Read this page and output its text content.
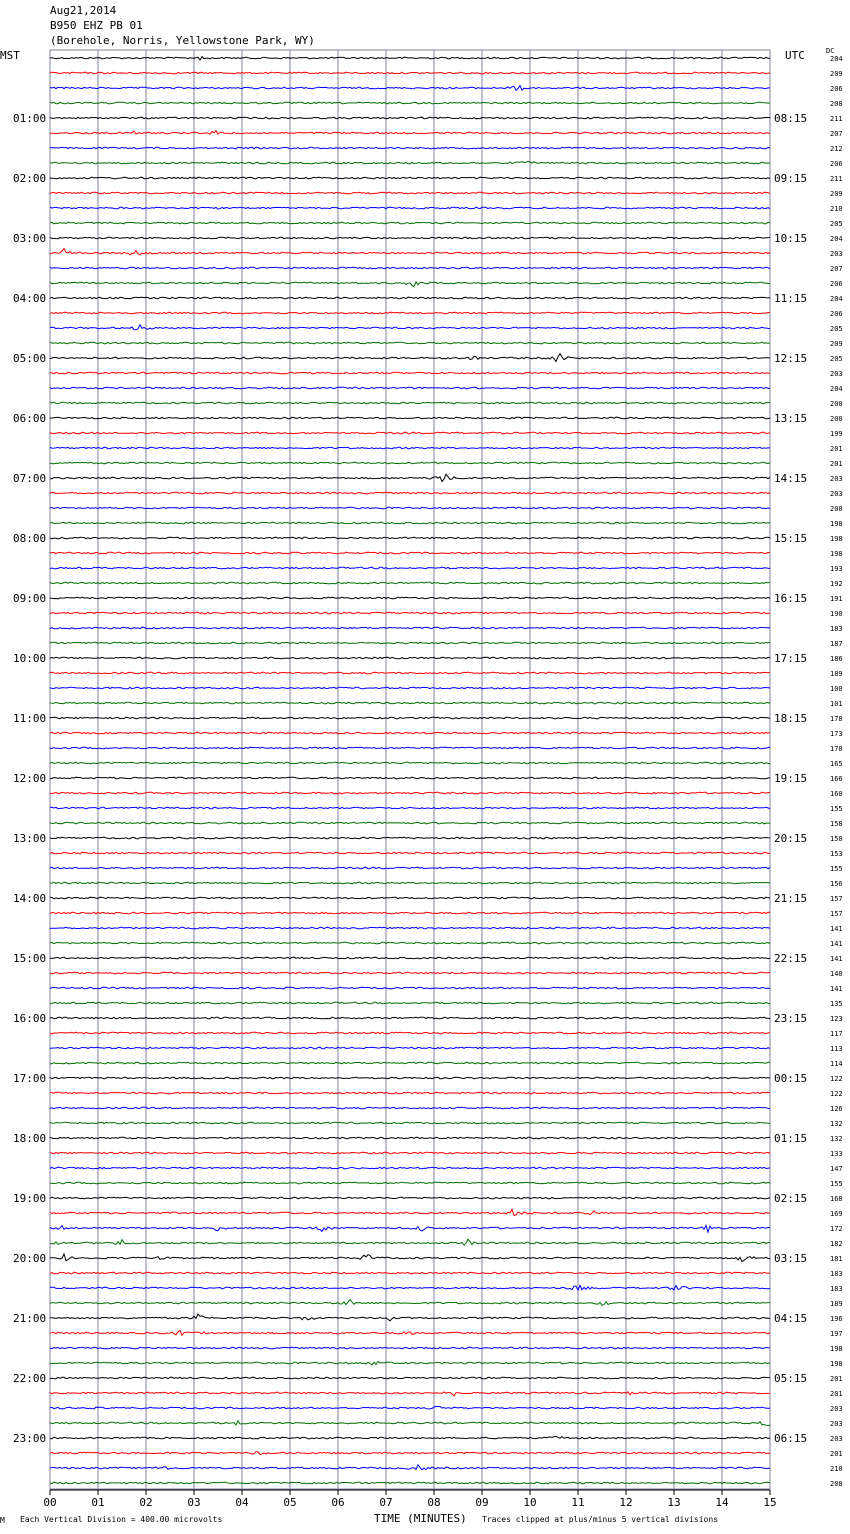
Aug21,2014
B950 EHZ PB 01
(Borehole, Norris, Yellowstone Park, WY)
MST	UTC	DC
00	01	02	03	04	05	06	07	08	09	10	11	12	13	14	15
204
209
206
208
211
207
212
206
211
209
210
205
204
203
207
206
204
206
205
209
205
203
204
200
200
199
201
201
203
203
200
198
198
198
193
192
191
190
183
187
186
189
100
101
178
173
170
165
166
160
155
158
150
153
155
156
157
157
141
141
141
140
141
135
123
117
113
114
122
122
126
132
132
133
147
155
168
169
172
182
181
183
183
189
196
197
198
198
201
201
203
203
203
201
210
208
01:00
02:00
03:00
04:00
05:00
06:00
07:00
08:00
09:00
10:00
11:00
12:00
13:00
14:00
15:00
16:00
17:00
18:00
19:00
20:00
21:00
22:00
23:00
08:15
09:15
10:15
11:15
12:15
13:15
14:15
15:15
16:15
17:15
18:15
19:15
20:15
21:15
22:15
23:15
00:15
01:15
02:15
03:15
04:15
05:15
06:15
M Each Vertical Division = 400.00 microvolts	TIME (MINUTES) Traces clipped at plus/minus 5 vertical divisions
